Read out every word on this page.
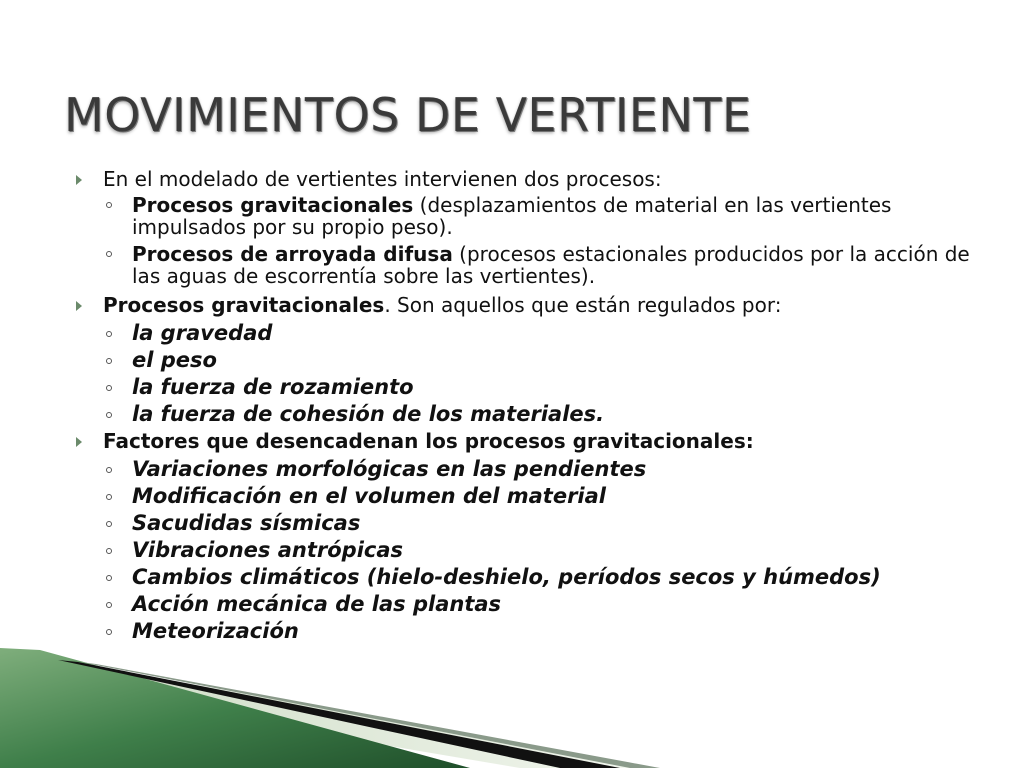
MOVIMIENTOS DE VERTIENTE
En el modelado de vertientes intervienen dos procesos:
Procesos gravitacionales (desplazamientos de material en las vertientes impulsados por su propio peso).
Procesos de arroyada difusa (procesos estacionales producidos por la acción de las aguas de escorrentía sobre las vertientes).
Procesos gravitacionales. Son aquellos que están regulados por:
la gravedad
el peso
la fuerza de rozamiento
la fuerza de cohesión de los materiales.
Factores que desencadenan los procesos gravitacionales:
Variaciones morfológicas en las pendientes
Modificación en el volumen del material
Sacudidas sísmicas
Vibraciones antrópicas
Cambios climáticos (hielo-deshielo, períodos secos y húmedos)
Acción mecánica de las plantas
Meteorización
